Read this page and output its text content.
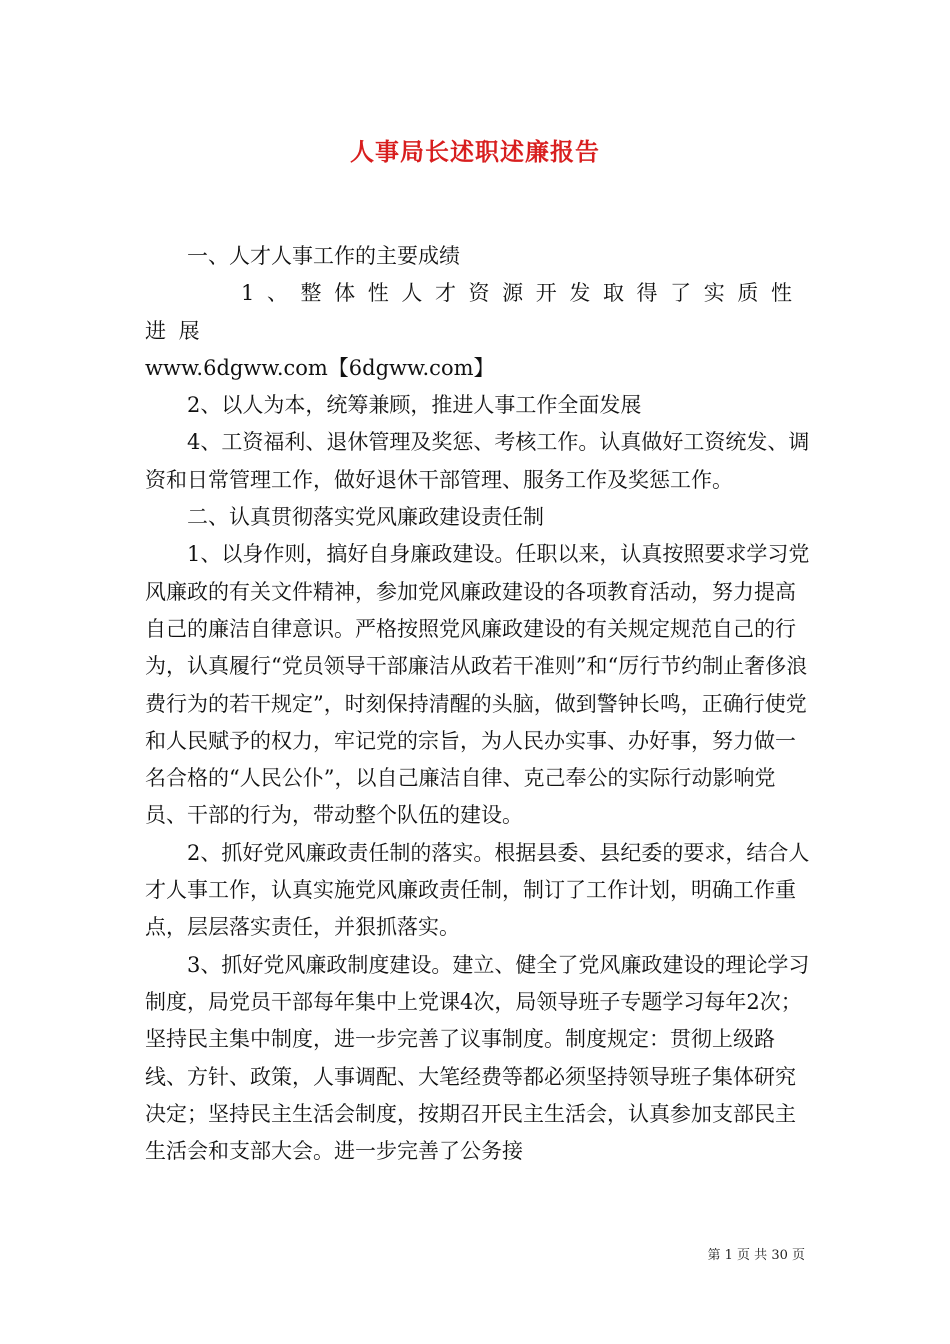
人事局长述职述廉报告

一、人才人事工作的主要成绩

1、整体性人才资源开发取得了实质性进展

www.6dgww.com【6dgww.com】

2、以人为本，统筹兼顾，推进人事工作全面发展

4、工资福利、退休管理及奖惩、考核工作。认真做好工资统发、调资和日常管理工作，做好退休干部管理、服务工作及奖惩工作。

二、认真贯彻落实党风廉政建设责任制

1、以身作则，搞好自身廉政建设。任职以来，认真按照要求学习党风廉政的有关文件精神，参加党风廉政建设的各项教育活动，努力提高自己的廉洁自律意识。严格按照党风廉政建设的有关规定规范自己的行为，认真履行“党员领导干部廉洁从政若干准则”和“厉行节约制止奢侈浪费行为的若干规定”，时刻保持清醒的头脑，做到警钟长鸣，正确行使党和人民赋予的权力，牢记党的宗旨，为人民办实事、办好事，努力做一名合格的“人民公仆”，以自己廉洁自律、克己奉公的实际行动影响党员、干部的行为，带动整个队伍的建设。

2、抓好党风廉政责任制的落实。根据县委、县纪委的要求，结合人才人事工作，认真实施党风廉政责任制，制订了工作计划，明确工作重点，层层落实责任，并狠抓落实。

3、抓好党风廉政制度建设。建立、健全了党风廉政建设的理论学习制度，局党员干部每年集中上党课4次，局领导班子专题学习每年2次；坚持民主集中制度，进一步完善了议事制度。制度规定：贯彻上级路线、方针、政策，人事调配、大笔经费等都必须坚持领导班子集体研究决定；坚持民主生活会制度，按期召开民主生活会，认真参加支部民主生活会和支部大会。进一步完善了公务接

第 1 页 共 30 页
